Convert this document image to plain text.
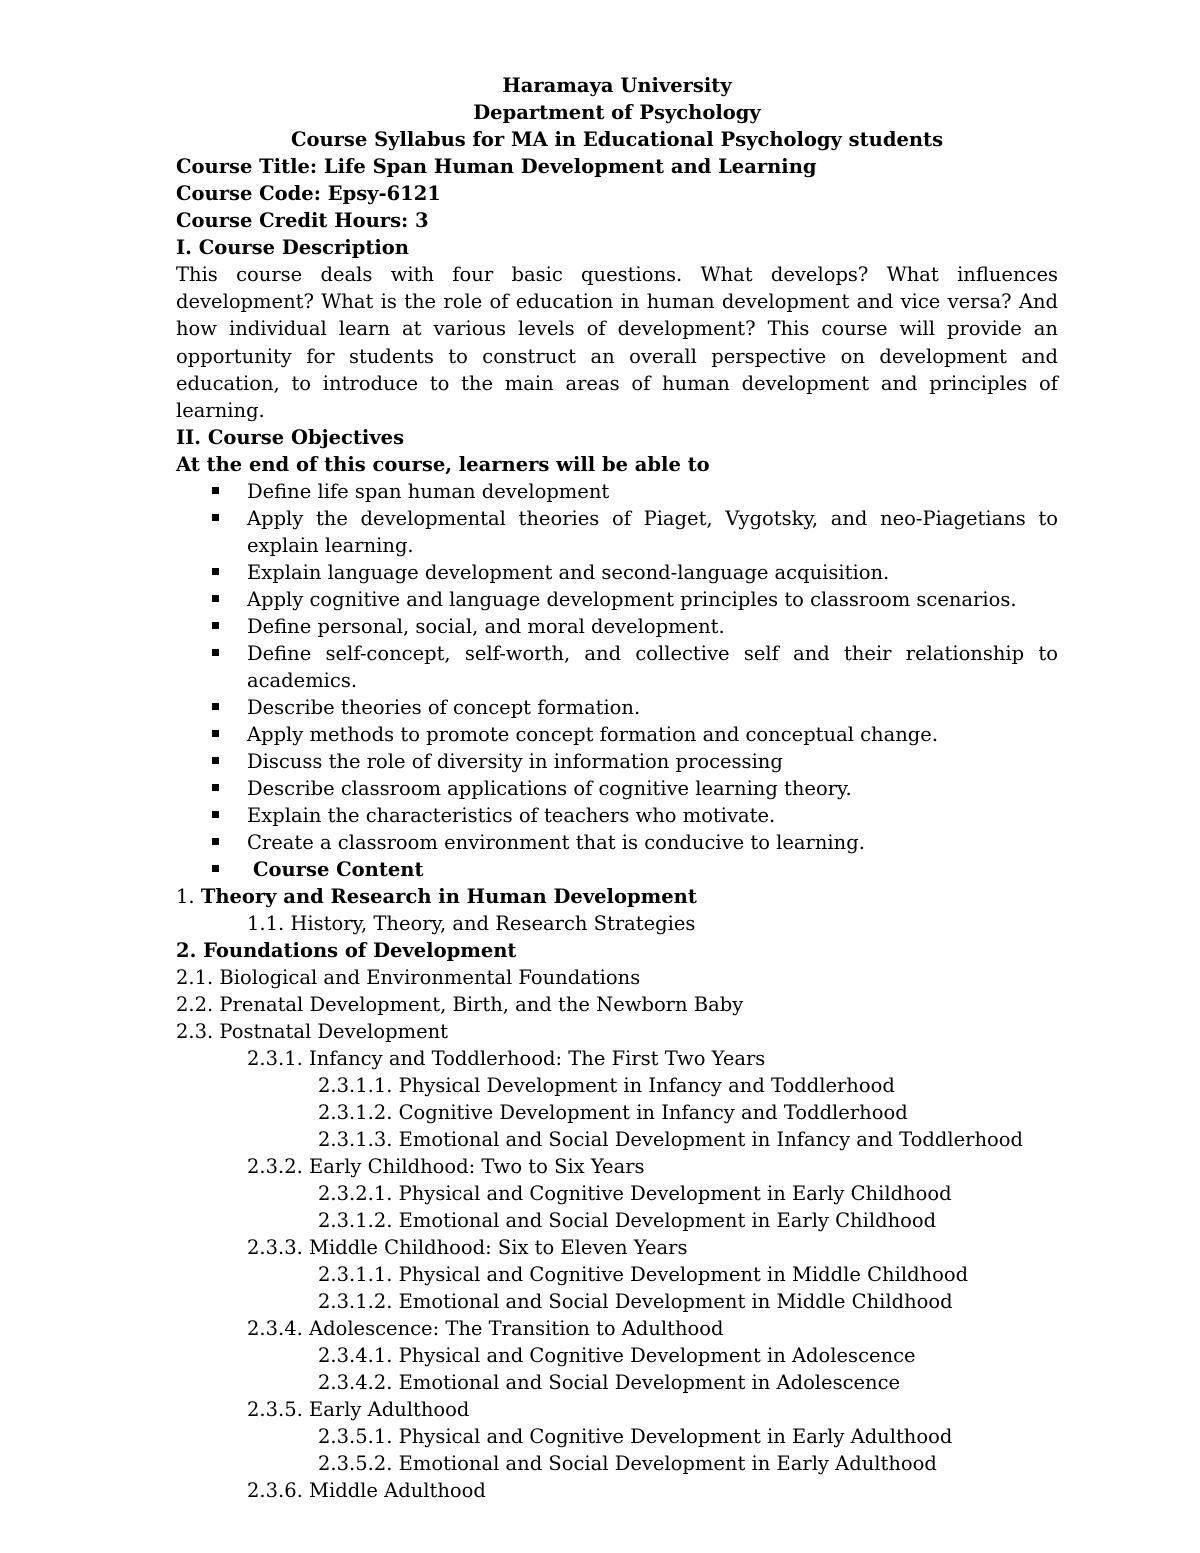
Haramaya University
Department of Psychology
Course Syllabus for MA in Educational Psychology students
Course Title: Life Span Human Development and Learning
Course Code: Epsy-6121
Course Credit Hours: 3
I. Course Description
This course deals with four basic questions. What develops? What influences development? What is the role of education in human development and vice versa? And how individual learn at various levels of development? This course will provide an opportunity for students to construct an overall perspective on development and education, to introduce to the main areas of human development and principles of learning.
II. Course Objectives
At the end of this course, learners will be able to
Define life span human development
Apply the developmental theories of Piaget, Vygotsky, and neo-Piagetians to explain learning.
Explain language development and second-language acquisition.
Apply cognitive and language development principles to classroom scenarios.
Define personal, social, and moral development.
Define self-concept, self-worth, and collective self and their relationship to academics.
Describe theories of concept formation.
Apply methods to promote concept formation and conceptual change.
Discuss the role of diversity in information processing
Describe classroom applications of cognitive learning theory.
Explain the characteristics of teachers who motivate.
Create a classroom environment that is conducive to learning.
Course Content
1. Theory and Research in Human Development
1.1. History, Theory, and Research Strategies
2. Foundations of Development
2.1. Biological and Environmental Foundations
2.2. Prenatal Development, Birth, and the Newborn Baby
2.3. Postnatal Development
2.3.1. Infancy and Toddlerhood: The First Two Years
2.3.1.1. Physical Development in Infancy and Toddlerhood
2.3.1.2. Cognitive Development in Infancy and Toddlerhood
2.3.1.3. Emotional and Social Development in Infancy and Toddlerhood
2.3.2. Early Childhood: Two to Six Years
2.3.2.1. Physical and Cognitive Development in Early Childhood
2.3.1.2. Emotional and Social Development in Early Childhood
2.3.3. Middle Childhood: Six to Eleven Years
2.3.1.1. Physical and Cognitive Development in Middle Childhood
2.3.1.2. Emotional and Social Development in Middle Childhood
2.3.4. Adolescence: The Transition to Adulthood
2.3.4.1. Physical and Cognitive Development in Adolescence
2.3.4.2. Emotional and Social Development in Adolescence
2.3.5. Early Adulthood
2.3.5.1. Physical and Cognitive Development in Early Adulthood
2.3.5.2. Emotional and Social Development in Early Adulthood
2.3.6. Middle Adulthood
